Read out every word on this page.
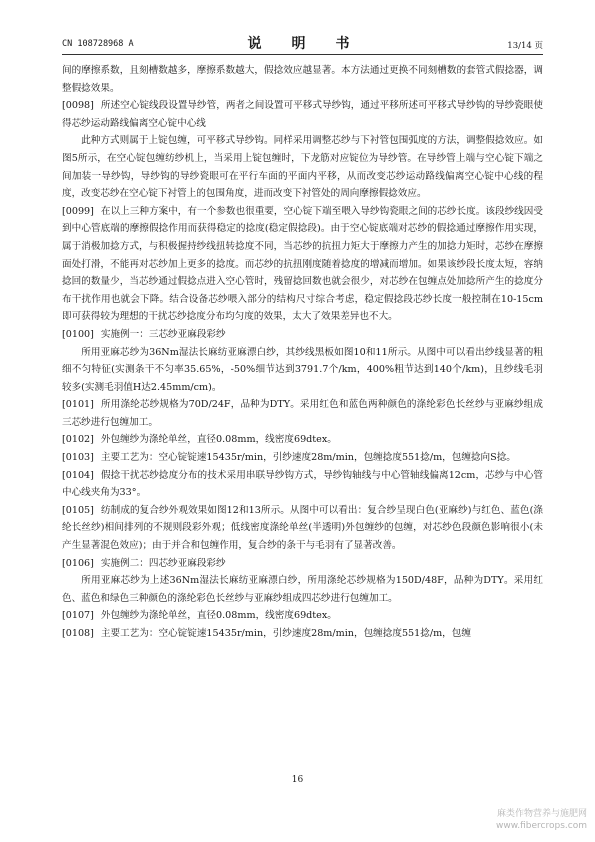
CN 108728968 A	说　明　书	13/14 页

间的摩擦系数，且刻槽数越多，摩擦系数越大，假捻效应越显著。本方法通过更换不同刻槽数的套管式假捻器，调整假捻效果。

[0098] 所述空心锭线段设置导纱管，两者之间设置可平移式导纱钩，通过平移所述可平移式导纱钩的导纱瓷眼使得芯纱运动路线偏离空心锭中心线

此种方式则属于上锭包缠，可平移式导纱钩。同样采用调整芯纱与下衬管包围弧度的方法，调整假捻效应。如图5所示，在空心锭包缠纺纱机上，当采用上锭包缠时，下龙筋对应锭位为导纱管。在导纱管上端与空心锭下端之间加装一导纱钩，导纱钩的导纱瓷眼可在平行车面的平面内平移，从而改变芯纱运动路线偏离空心锭中心线的程度，改变芯纱在空心锭下衬管上的包围角度，进而改变下衬管处的周向摩擦假捻效应。

[0099] 在以上三种方案中，有一个参数也很重要，空心锭下端至喂入导纱钩瓷眼之间的芯纱长度。该段纱线因受到中心管底端的摩擦假捻作用而获得稳定的捻度(稳定假捻段)。由于空心锭底端对芯纱的假捻通过摩擦作用实现，属于消极加捻方式，与积极握持纱线扭转捻度不同，当芯纱的抗扭力矩大于摩擦力产生的加捻力矩时，芯纱在摩擦面处打滑，不能再对芯纱加上更多的捻度。而芯纱的抗扭刚度随着捻度的增减而增加。如果该纱段长度太短，容纳捻回的数量少，当芯纱通过假捻点进入空心管时，残留捻回数也就会很少，对芯纱在包缠点处加捻所产生的捻度分布干扰作用也就会下降。结合设备芯纱喂入部分的结构尺寸综合考虑，稳定假捻段芯纱长度一般控制在10-15cm即可获得较为理想的干扰芯纱捻度分布均匀度的效果，太大了效果差异也不大。

[0100] 实施例一：三芯纱亚麻段彩纱

所用亚麻芯纱为36Nm湿法长麻纺亚麻漂白纱，其纱线黑板如图10和11所示。从图中可以看出纱线显著的粗细不匀特征(实测条干不匀率35.65%，-50%细节达到3791.7个/km，400%粗节达到140个/km)，且纱线毛羽较多(实测毛羽值H达2.45mm/cm)。

[0101] 所用涤纶芯纱规格为70D/24F，品种为DTY。采用红色和蓝色两种颜色的涤纶彩色长丝纱与亚麻纱组成三芯纱进行包缠加工。

[0102] 外包缠纱为涤纶单丝，直径0.08mm，线密度69dtex。

[0103] 主要工艺为：空心锭锭速15435r/min，引纱速度28m/min，包缠捻度551捻/m，包缠捻向S捻。

[0104] 假捻干扰芯纱捻度分布的技术采用串联导纱钩方式，导纱钩轴线与中心管轴线偏离12cm，芯纱与中心管中心线夹角为33°。

[0105] 纺制成的复合纱外观效果如图12和13所示。从图中可以看出：复合纱呈现白色(亚麻纱)与红色、蓝色(涤纶长丝纱)相间排列的不规则段彩外观；低线密度涤纶单丝(半透明)外包缠纱的包缠，对芯纱色段颜色影响很小(未产生显著混色效应)；由于并合和包缠作用，复合纱的条干与毛羽有了显著改善。

[0106] 实施例二：四芯纱亚麻段彩纱

所用亚麻芯纱为上述36Nm湿法长麻纺亚麻漂白纱，所用涤纶芯纱规格为150D/48F，品种为DTY。采用红色、蓝色和绿色三种颜色的涤纶彩色长丝纱与亚麻纱组成四芯纱进行包缠加工。

[0107] 外包缠纱为涤纶单丝，直径0.08mm，线密度69dtex。

[0108] 主要工艺为：空心锭锭速15435r/min，引纱速度28m/min，包缠捻度551捻/m，包缠

16
麻类作物营养与施肥网
www.fibercrops.com
